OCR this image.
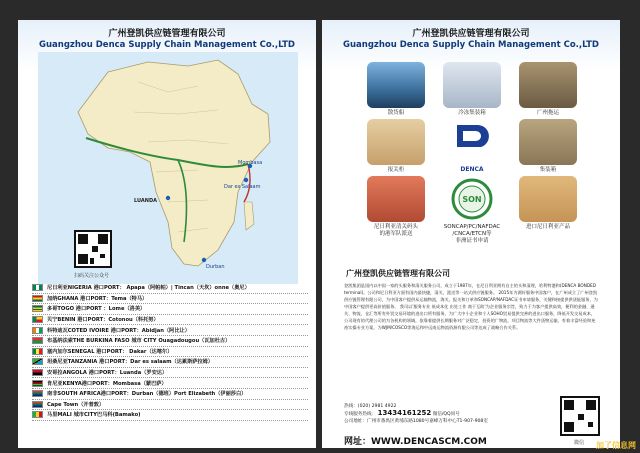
广州登凯供应链管理有限公司
Guangzhou Denca Supply Chain Management Co.,LTD
LUANDA
Dar es Salaam
Mombasa
Durban
扫码关注公众号
尼日利亚NIGERIA 港口PORT： Apapa（阿帕帕）| Tincan（天坎）onne（奥尼）
加纳GHANA 港口PORT：Tema（特马）
多哥TOGO 港口PORT ：Lome（洛美）
贝宁BENIN 港口PORT：Cotonou（科托努）
科特迪瓦COTED IVOIRE 港口PORT：Abidjan（阿比让）
布基纳法索THE BURKINA FASO 城市 CITY Ouagadougou（瓦加杜古）
塞内加尔SENEGAL 港口PORT： Dakar（达喀尔）
坦桑尼亚TANZANIA 港口PORT：Dar es salaam（达累斯萨拉姆）
安哥拉ANGOLA 港口PORT：Luanda（罗安达）
肯尼亚KENYA港口PORT：Mombasa（蒙巴萨）
南非SOUTH AFRICA港口PORT：Durban（德班）Port Elizabeth（伊丽莎白）
Cape Town（开普敦）
马里MALI 城市CITY巴马科(Bamako)
广州登凯供应链管理有限公司
Guangzhou Denca Supply Chain Management Co.,LTD
散货船	冷冻集装箱	广州拖运
报关柜	DENCA	集装箱
尼日利亚清关码头
的港军队派送
SON
SONCAP/PC/NAFDAC
/CNCA/ETCN等
非洲证书申请
进口尼日利亚产品
广州登凯供应链管理有限公司
登凯集团是国内以中国一家的头服务和清关服务公司，成立于1987年，在尼日利亚拥有自主的头和清理，哈利特港和(DENCA BONDED terminal)。公司和尼日利亚方面有国内最快捷，清关，派送等一站式供应链服务。 2015年为满好服务中国客户，在广州成立了广州登凯供应链管理有限公司，为中国客户提供从运输物流，海关，报关和订单和SONCAP/NAFDAC证书申请服务，关键和接提供供货能服务，为中国客户提供更高价值服务。 我司以'服务专业 低成本化 出处工作 商于互助'为企业服务宗旨，致力于为客户提供高效，便利的金融、通关、物流、仓汇等所有外贸交易环境的进出口所有服务，为广大中小企业和个人SOHO贸易提供完善的进出口服务，降低开发交易成本，公司现有的代理公司的为各机构的领域，依靠着提供长期服务对广泛稳定，投资的广物流，项目物流等大件货物运输，有着丰富经验和充裕实操专业方案，为WJM/COSCO等海运和中远南运物流资源有限公司等达成了战略合作关系。
热线：(020) 2981 4922
专线服务热线： 13434161252 微信/QQ同号
公司地址：广州市番禺区黄埔东路1080号嘉峰万科中心T1-907-908室
网址：WWW.DENCASCM.COM	微信 加了信息网
